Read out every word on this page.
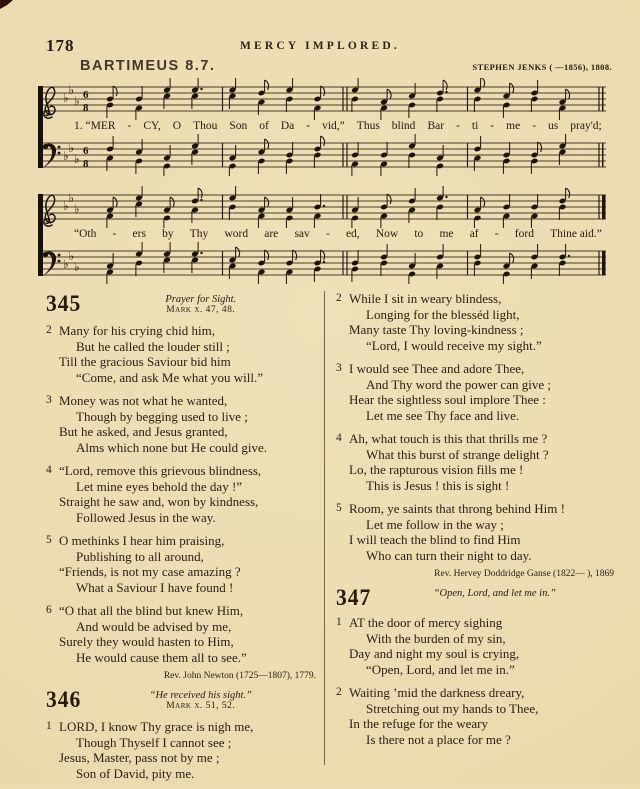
178	MERCY IMPLORED.
BARTIMEUS 8.7.	STEPHEN JENKS ( —1856), 1808.
♭
♭
♭ 6
8
1. “MER - CY, O Thou Son of Da - vid,” Thus blind Bar - ti - me - us pray'd;
♭
♭
♭
6
8
♭
♭
♭
“Oth - ers by Thy word are sav - ed, Now to me af - ford Thine aid.”
♭
♭
♭
345	Prayer for Sight.
Mark x. 47, 48.
2 Many for his crying chid him,
But he called the louder still ;
Till the gracious Saviour bid him
“Come, and ask Me what you will.”
3 Money was not what he wanted,
Though by begging used to live ;
But he asked, and Jesus granted,
Alms which none but He could give.
4 “Lord, remove this grievous blindness,
Let mine eyes behold the day !”
Straight he saw and, won by kindness,
Followed Jesus in the way.
5 O methinks I hear him praising,
Publishing to all around,
“Friends, is not my case amazing ?
What a Saviour I have found !
6 “O that all the blind but knew Him,
And would be advised by me,
Surely they would hasten to Him,
He would cause them all to see.”
Rev. John Newton (1725—1807), 1779.
346	“He received his sight.”
Mark x. 51, 52.
1 LORD, I know Thy grace is nigh me,
Though Thyself I cannot see ;
Jesus, Master, pass not by me ;
Son of David, pity me.
2 While I sit in weary blindess,
Longing for the blesséd light,
Many taste Thy loving-kindness ;
“Lord, I would receive my sight.”
3 I would see Thee and adore Thee,
And Thy word the power can give ;
Hear the sightless soul implore Thee :
Let me see Thy face and live.
4 Ah, what touch is this that thrills me ?
What this burst of strange delight ?
Lo, the rapturous vision fills me !
This is Jesus ! this is sight !
5 Room, ye saints that throng behind Him !
Let me follow in the way ;
I will teach the blind to find Him
Who can turn their night to day.
Rev. Hervey Doddridge Ganse (1822— ), 1869
347	“Open, Lord, and let me in.”
1 AT the door of mercy sighing
With the burden of my sin,
Day and night my soul is crying,
“Open, Lord, and let me in.”
2 Waiting ’mid the darkness dreary,
Stretching out my hands to Thee,
In the refuge for the weary
Is there not a place for me ?
